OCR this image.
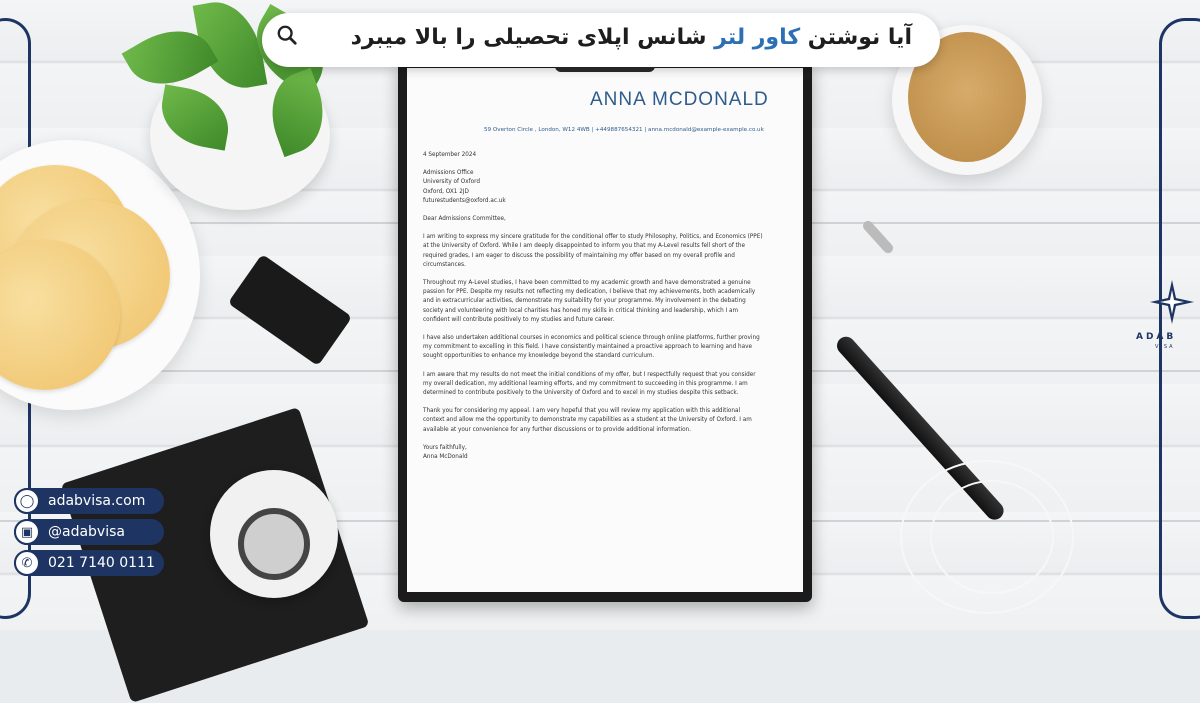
ANNA MCDONALD
59 Overton Circle , London, W12 4WB | +449887654321 | anna.mcdonald@example-example.co.uk

4 September 2024

Admissions Office

University of Oxford

Oxford, OX1 2JD

futurestudents@oxford.ac.uk

Dear Admissions Committee,

I am writing to express my sincere gratitude for the conditional offer to study Philosophy, Politics, and Economics (PPE) at the University of Oxford. While I am deeply disappointed to inform you that my A-Level results fell short of the required grades, I am eager to discuss the possibility of maintaining my offer based on my overall profile and circumstances.

Throughout my A-Level studies, I have been committed to my academic growth and have demonstrated a genuine passion for PPE. Despite my results not reflecting my dedication, I believe that my achievements, both academically and in extracurricular activities, demonstrate my suitability for your programme. My involvement in the debating society and volunteering with local charities has honed my skills in critical thinking and leadership, which I am confident will contribute positively to my studies and future career.

I have also undertaken additional courses in economics and political science through online platforms, further proving my commitment to excelling in this field. I have consistently maintained a proactive approach to learning and have sought opportunities to enhance my knowledge beyond the standard curriculum.

I am aware that my results do not meet the initial conditions of my offer, but I respectfully request that you consider my overall dedication, my additional learning efforts, and my commitment to succeeding in this programme. I am determined to contribute positively to the University of Oxford and to excel in my studies despite this setback.

Thank you for considering my appeal. I am very hopeful that you will review my application with this additional context and allow me the opportunity to demonstrate my capabilities as a student at the University of Oxford. I am available at your convenience for any further discussions or to provide additional information.

Yours faithfully,

Anna McDonald

آیا نوشتن کاور لتر شانس اپلای تحصیلی را بالا میبرد
ADAB
VISA
◯ adabvisa.com
▣	@adabvisa
✆	021 7140 0111
